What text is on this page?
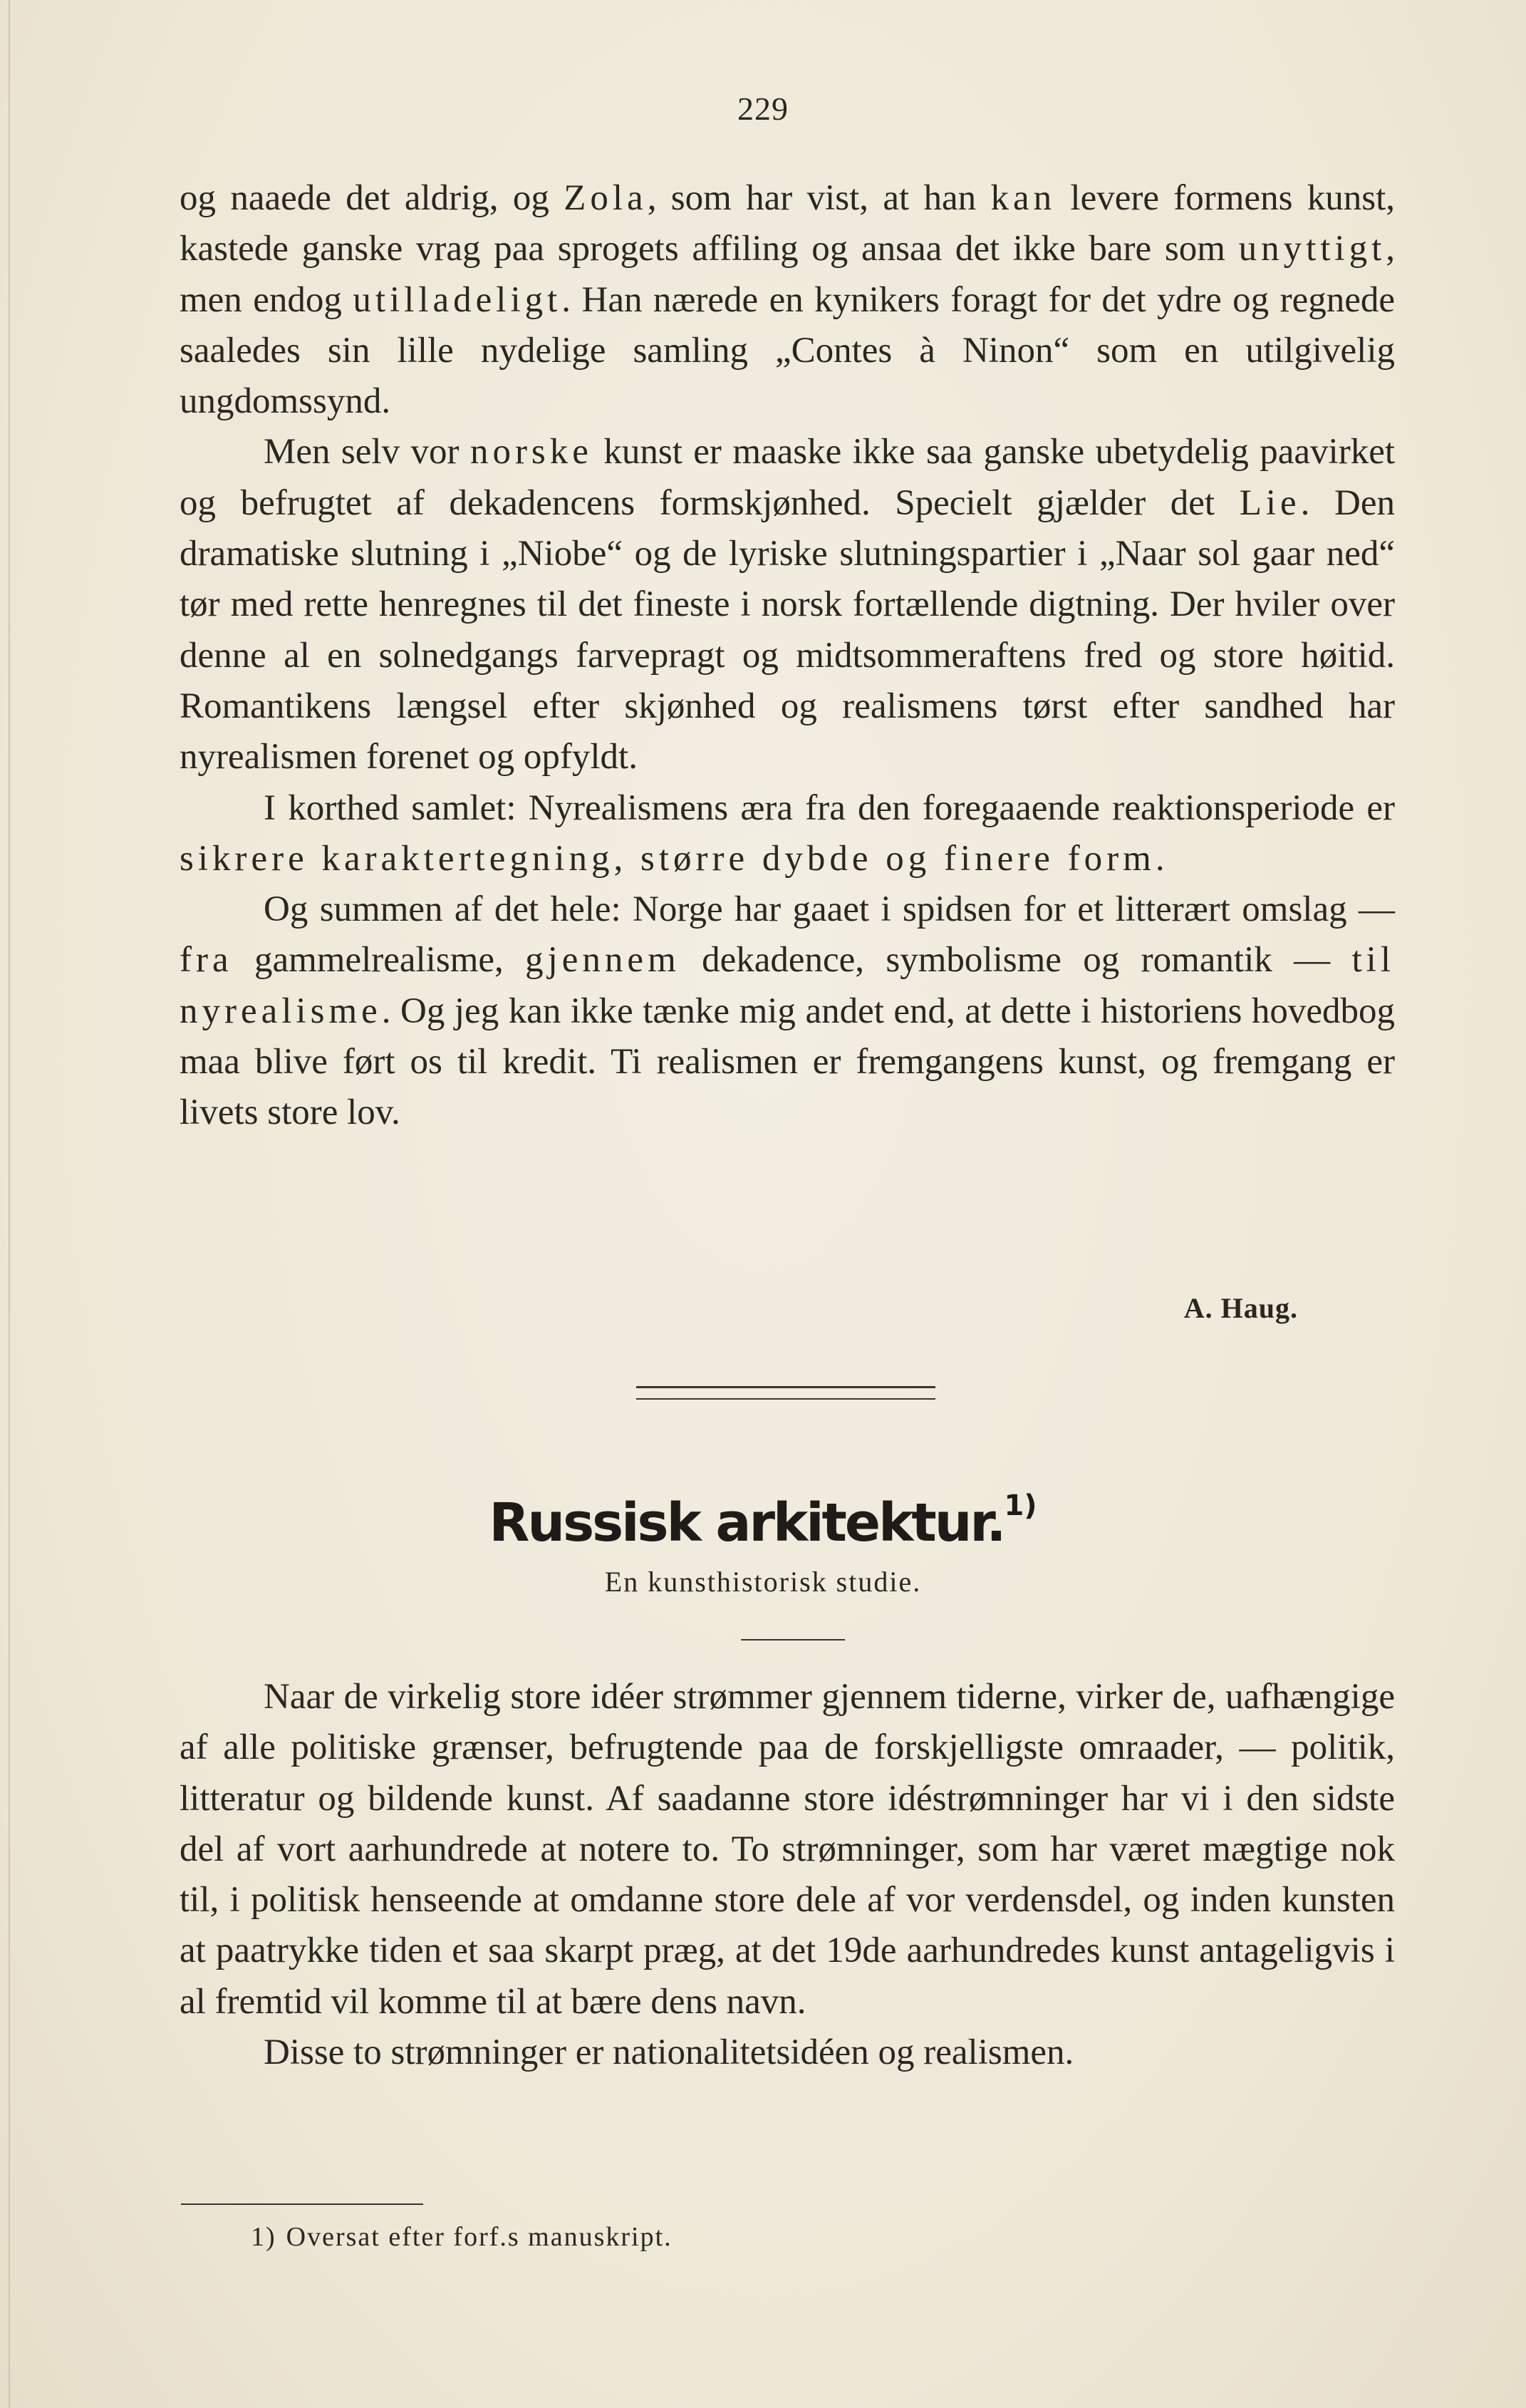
229

og naaede det aldrig, og Zola, som har vist, at han kan levere formens kunst, kastede ganske vrag paa sprogets affiling og ansaa det ikke bare som unyttigt, men endog utilladeligt. Han nærede en kynikers foragt for det ydre og regnede saaledes sin lille nydelige samling „Contes à Ninon“ som en utilgivelig ungdomssynd.

Men selv vor norske kunst er maaske ikke saa ganske ubetydelig paavirket og befrugtet af dekadencens formskjønhed. Specielt gjælder det Lie. Den dramatiske slutning i „Niobe“ og de lyriske slutningspartier i „Naar sol gaar ned“ tør med rette henregnes til det fineste i norsk fortællende digtning. Der hviler over denne al en solnedgangs farvepragt og midtsommeraftens fred og store høitid. Romantikens længsel efter skjønhed og realismens tørst efter sandhed har nyrealismen forenet og opfyldt.

I korthed samlet: Nyrealismens æra fra den foregaaende reaktionsperiode er sikrere karaktertegning, større dybde og finere form.

Og summen af det hele: Norge har gaaet i spidsen for et litterært omslag — fra gammelrealisme, gjennem dekadence, symbolisme og romantik — til nyrealisme. Og jeg kan ikke tænke mig andet end, at dette i historiens hovedbog maa blive ført os til kredit. Ti realismen er fremgangens kunst, og fremgang er livets store lov.

A. Haug.
Russisk arkitektur.$^{1)}$
En kunsthistorisk studie.

Naar de virkelig store idéer strømmer gjennem tiderne, virker de, uafhængige af alle politiske grænser, befrugtende paa de forskjelligste omraader, — politik, litteratur og bildende kunst. Af saadanne store idéstrømninger har vi i den sidste del af vort aarhundrede at notere to. To strømninger, som har været mægtige nok til, i politisk henseende at omdanne store dele af vor verdensdel, og inden kunsten at paatrykke tiden et saa skarpt præg, at det 19de aarhundredes kunst antageligvis i al fremtid vil komme til at bære dens navn.

Disse to strømninger er nationalitetsidéen og realismen.

1) Oversat efter forf.s manuskript.
